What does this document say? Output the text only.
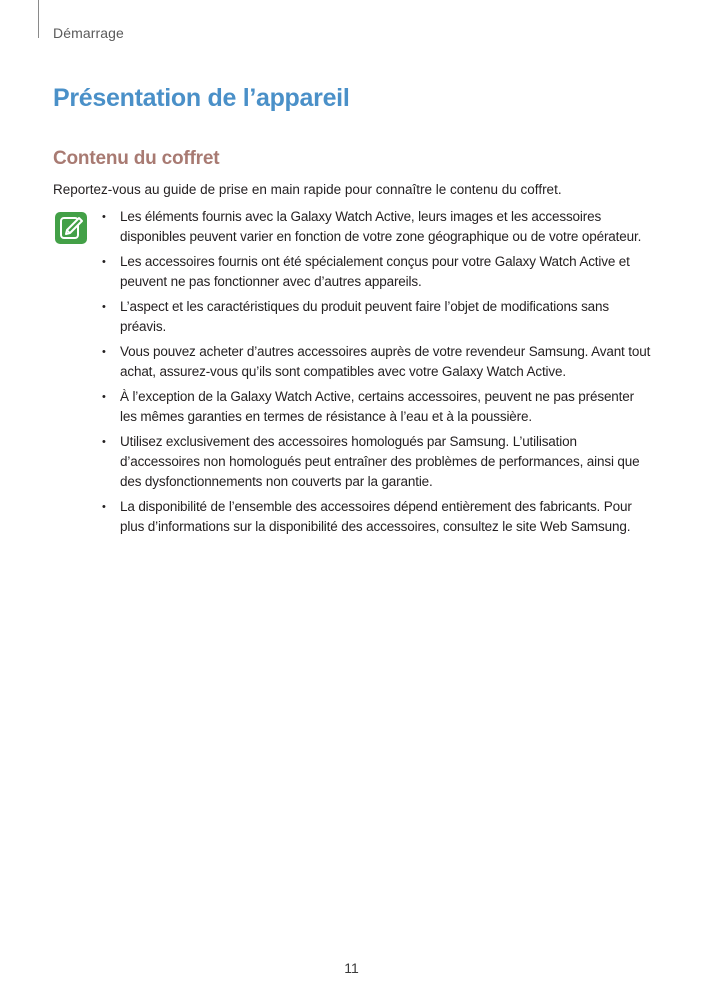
Démarrage
Présentation de l’appareil
Contenu du coffret
Reportez-vous au guide de prise en main rapide pour connaître le contenu du coffret.
• Les éléments fournis avec la Galaxy Watch Active, leurs images et les accessoires disponibles peuvent varier en fonction de votre zone géographique ou de votre opérateur.
• Les accessoires fournis ont été spécialement conçus pour votre Galaxy Watch Active et peuvent ne pas fonctionner avec d’autres appareils.
• L’aspect et les caractéristiques du produit peuvent faire l’objet de modifications sans préavis.
• Vous pouvez acheter d’autres accessoires auprès de votre revendeur Samsung. Avant tout achat, assurez-vous qu’ils sont compatibles avec votre Galaxy Watch Active.
• À l’exception de la Galaxy Watch Active, certains accessoires, peuvent ne pas présenter les mêmes garanties en termes de résistance à l’eau et à la poussière.
• Utilisez exclusivement des accessoires homologués par Samsung. L’utilisation d’accessoires non homologués peut entraîner des problèmes de performances, ainsi que des dysfonctionnements non couverts par la garantie.
• La disponibilité de l’ensemble des accessoires dépend entièrement des fabricants. Pour plus d’informations sur la disponibilité des accessoires, consultez le site Web Samsung.
11
